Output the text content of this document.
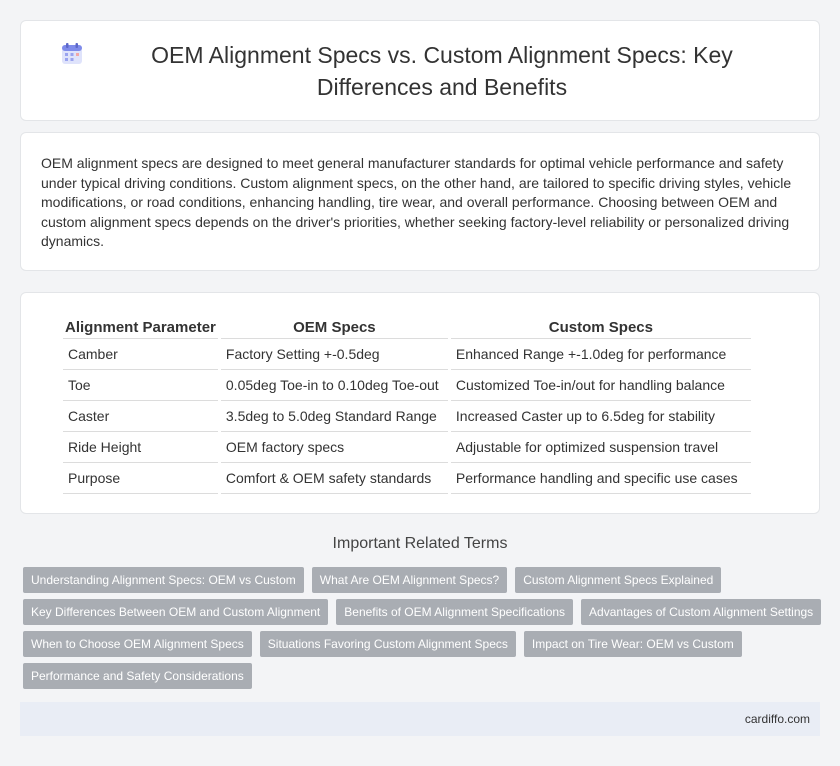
OEM Alignment Specs vs. Custom Alignment Specs: Key Differences and Benefits

OEM alignment specs are designed to meet general manufacturer standards for optimal vehicle performance and safety under typical driving conditions. Custom alignment specs, on the other hand, are tailored to specific driving styles, vehicle modifications, or road conditions, enhancing handling, tire wear, and overall performance. Choosing between OEM and custom alignment specs depends on the driver's priorities, whether seeking factory-level reliability or personalized driving dynamics.

Alignment Parameter	OEM Specs	Custom Specs
Camber	Factory Setting +-0.5deg	Enhanced Range +-1.0deg for performance
Toe	0.05deg Toe-in to 0.10deg Toe-out	Customized Toe-in/out for handling balance
Caster	3.5deg to 5.0deg Standard Range	Increased Caster up to 6.5deg for stability
Ride Height	OEM factory specs	Adjustable for optimized suspension travel
Purpose	Comfort & OEM safety standards	Performance handling and specific use cases
Important Related Terms
Understanding Alignment Specs: OEM vs Custom	What Are OEM Alignment Specs?	Custom Alignment Specs Explained
Key Differences Between OEM and Custom Alignment	Benefits of OEM Alignment Specifications	Advantages of Custom Alignment Settings
When to Choose OEM Alignment Specs	Situations Favoring Custom Alignment Specs	Impact on Tire Wear: OEM vs Custom
Performance and Safety Considerations
cardiffo.com
